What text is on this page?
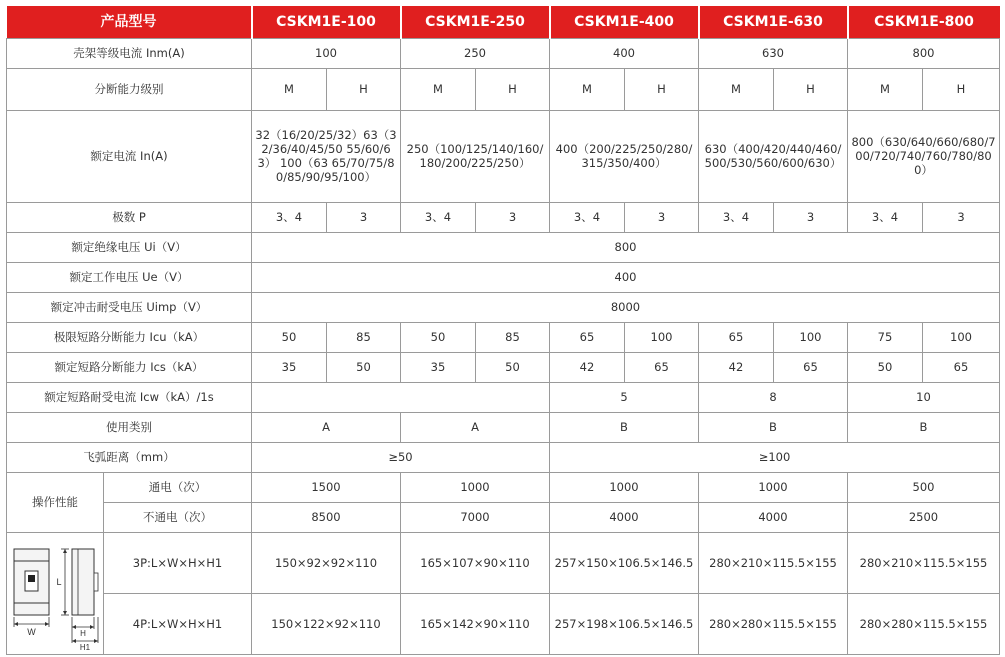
产品型号		CSKM1E-100		CSKM1E-250		CSKM1E-400		CSKM1E-630		CSKM1E-800	
壳架等级电流 Inm(A)		100		250		400		630		800	
分断能力级别		M	H	M	H	M	H	M	H	M	H
额定电流 In(A)		32（16/20/25/32）63（32/36/40/45/50 55/60/63） 100（63 65/70/75/80/85/90/95/100）		250（100/125/140/160/180/200/225/250）		400（200/225/250/280/315/350/400）		630（400/420/440/460/500/530/560/600/630）		800（630/640/660/680/700/720/740/760/780/800）	
极数 P		3、4	3	3、4	3	3、4	3	3、4	3	3、4	3
额定绝缘电压 Ui（V）		800									
额定工作电压 Ue（V）		400									
额定冲击耐受电压 Uimp（V）		8000									
极限短路分断能力 Icu（kA）		50	85	50	85	65	100	65	100	75	100
额定短路分断能力 Ics（kA）		35	50	35	50	42	65	42	65	50	65
额定短路耐受电流 Icw（kA）/1s						5		8		10	
使用类别		A		A		B		B		B	
飞弧距离（mm）		≥50				≥100					
操作性能	通电（次）	1500		1000		1000		1000		500	
	不通电（次）	8500		7000		4000		4000		2500	

W
L
H
H1	3P:L×W×H×H1	150×92×92×110		165×107×90×110		257×150×106.5×146.5		280×210×115.5×155		280×210×115.5×155	
	4P:L×W×H×H1	150×122×92×110		165×142×90×110		257×198×106.5×146.5		280×280×115.5×155		280×280×115.5×155	
